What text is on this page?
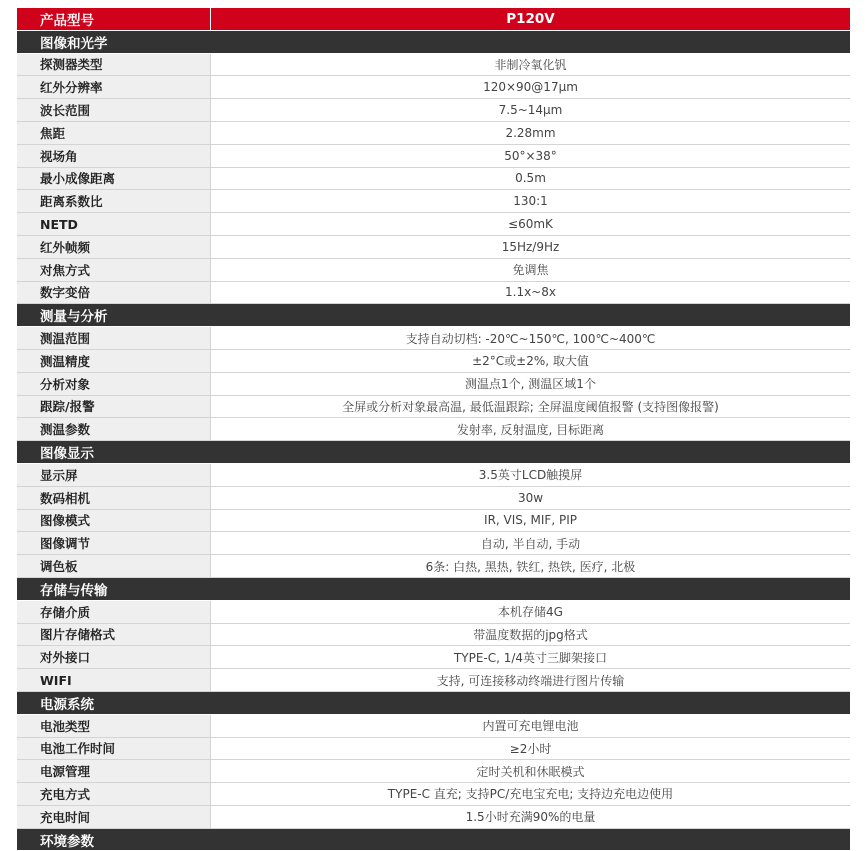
产品型号	P120V
图像和光学
探测器类型	非制冷氧化钒
红外分辨率	120×90@17μm
波长范围	7.5~14μm
焦距	2.28mm
视场角	50°×38°
最小成像距离	0.5m
距离系数比	130:1
NETD	≤60mK
红外帧频	15Hz/9Hz
对焦方式	免调焦
数字变倍	1.1x~8x
测量与分析
测温范围	支持自动切档: -20℃~150℃, 100℃~400℃
测温精度	±2°C或±2%, 取大值
分析对象	测温点1个, 测温区域1个
跟踪/报警	全屏或分析对象最高温, 最低温跟踪; 全屏温度阈值报警 (支持图像报警)
测温参数	发射率, 反射温度, 目标距离
图像显示
显示屏	3.5英寸LCD触摸屏
数码相机	30w
图像模式	IR, VIS, MIF, PIP
图像调节	自动, 半自动, 手动
调色板	6条: 白热, 黑热, 铁红, 热铁, 医疗, 北极
存储与传输
存储介质	本机存储4G
图片存储格式	带温度数据的jpg格式
对外接口	TYPE-C, 1/4英寸三脚架接口
WIFI	支持, 可连接移动终端进行图片传输
电源系统
电池类型	内置可充电锂电池
电池工作时间	≥2小时
电源管理	定时关机和休眠模式
充电方式	TYPE-C 直充; 支持PC/充电宝充电; 支持边充电边使用
充电时间	1.5小时充满90%的电量
环境参数
